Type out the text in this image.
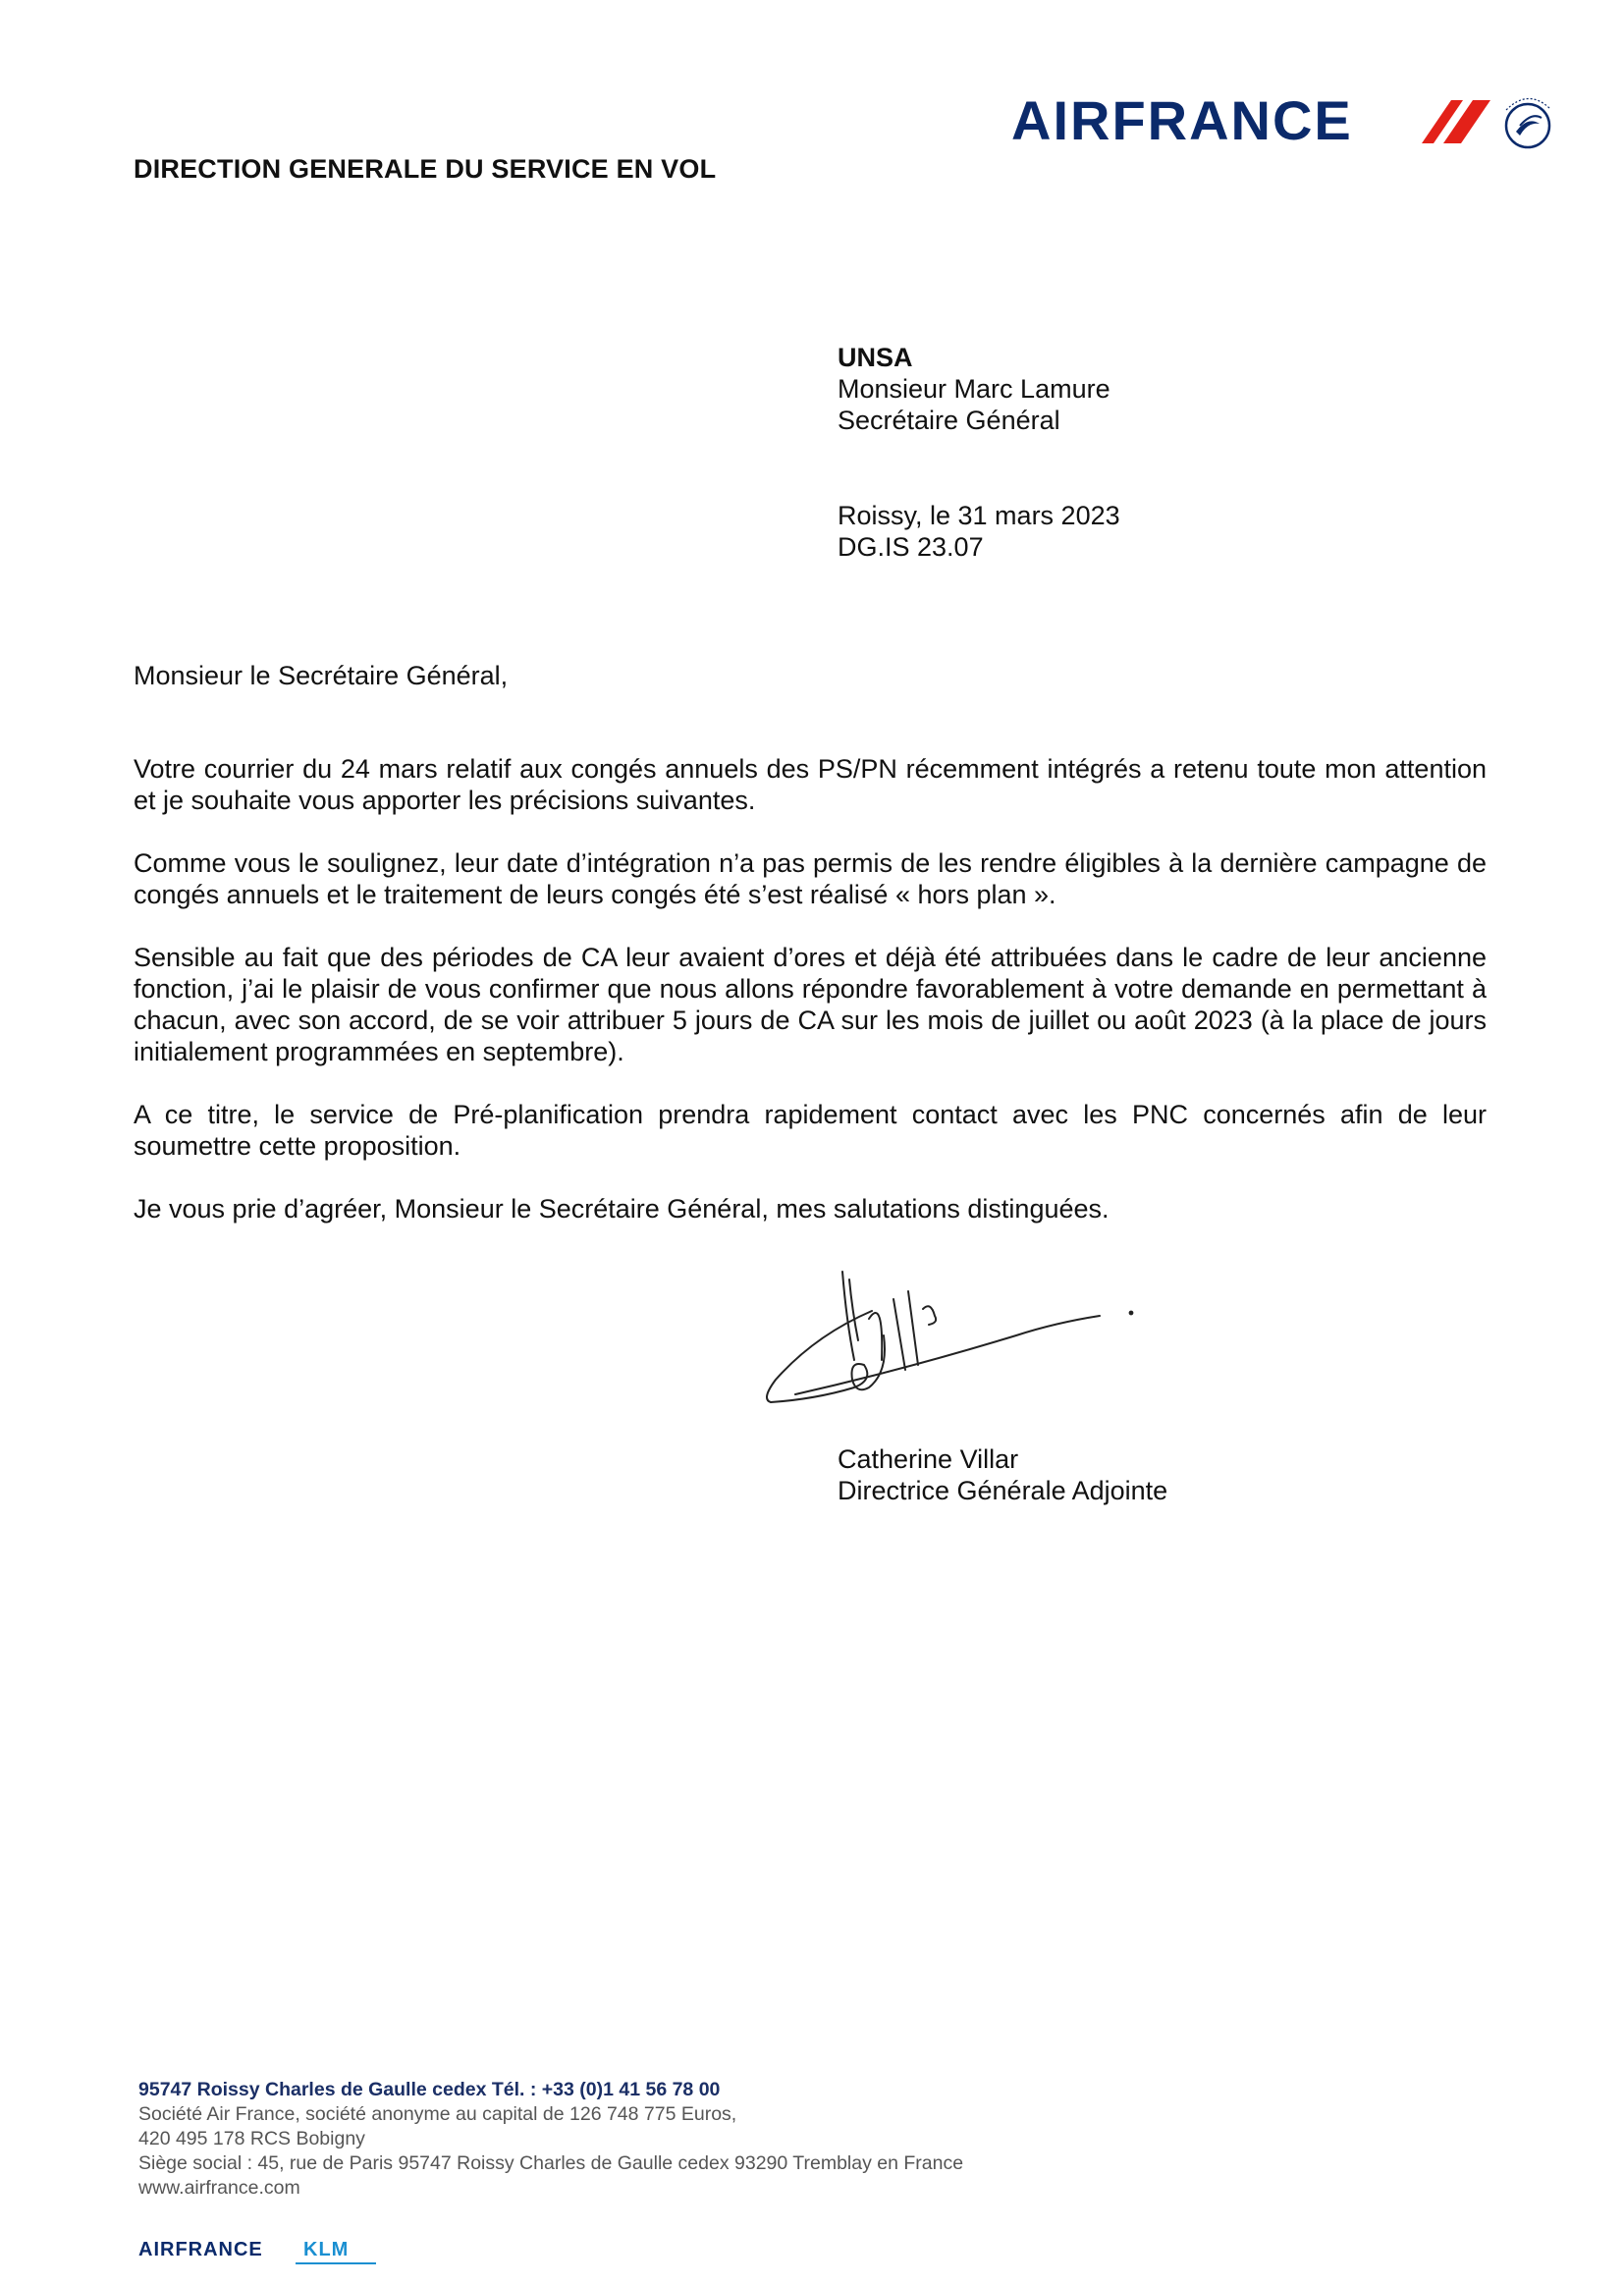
AIRFRANCE
DIRECTION GENERALE DU SERVICE EN VOL
UNSA
Monsieur Marc Lamure
Secrétaire Général
Roissy, le 31 mars 2023
DG.IS 23.07
Monsieur le Secrétaire Général,
Votre courrier du 24 mars relatif aux congés annuels des PS/PN récemment intégrés a retenu toute mon attention et je souhaite vous apporter les précisions suivantes.
Comme vous le soulignez, leur date d’intégration n’a pas permis de les rendre éligibles à la dernière campagne de congés annuels et le traitement de leurs congés été s’est réalisé « hors plan ».
Sensible au fait que des périodes de CA leur avaient d’ores et déjà été attribuées dans le cadre de leur ancienne fonction, j’ai le plaisir de vous confirmer que nous allons répondre favorablement à votre demande en permettant à chacun, avec son accord, de se voir attribuer 5 jours de CA sur les mois de juillet ou août 2023 (à la place de jours initialement programmées en septembre).
A ce titre, le service de Pré-planification prendra rapidement contact avec les PNC concernés afin de leur soumettre cette proposition.
Je vous prie d’agréer, Monsieur le Secrétaire Général, mes salutations distinguées.
Catherine Villar
Directrice Générale Adjointe
95747 Roissy Charles de Gaulle cedex Tél. : +33 (0)1 41 56 78 00
Société Air France, société anonyme au capital de 126 748 775 Euros,
420 495 178 RCS Bobigny
Siège social : 45, rue de Paris 95747 Roissy Charles de Gaulle cedex 93290 Tremblay en France
www.airfrance.com
AIRFRANCE KLM
